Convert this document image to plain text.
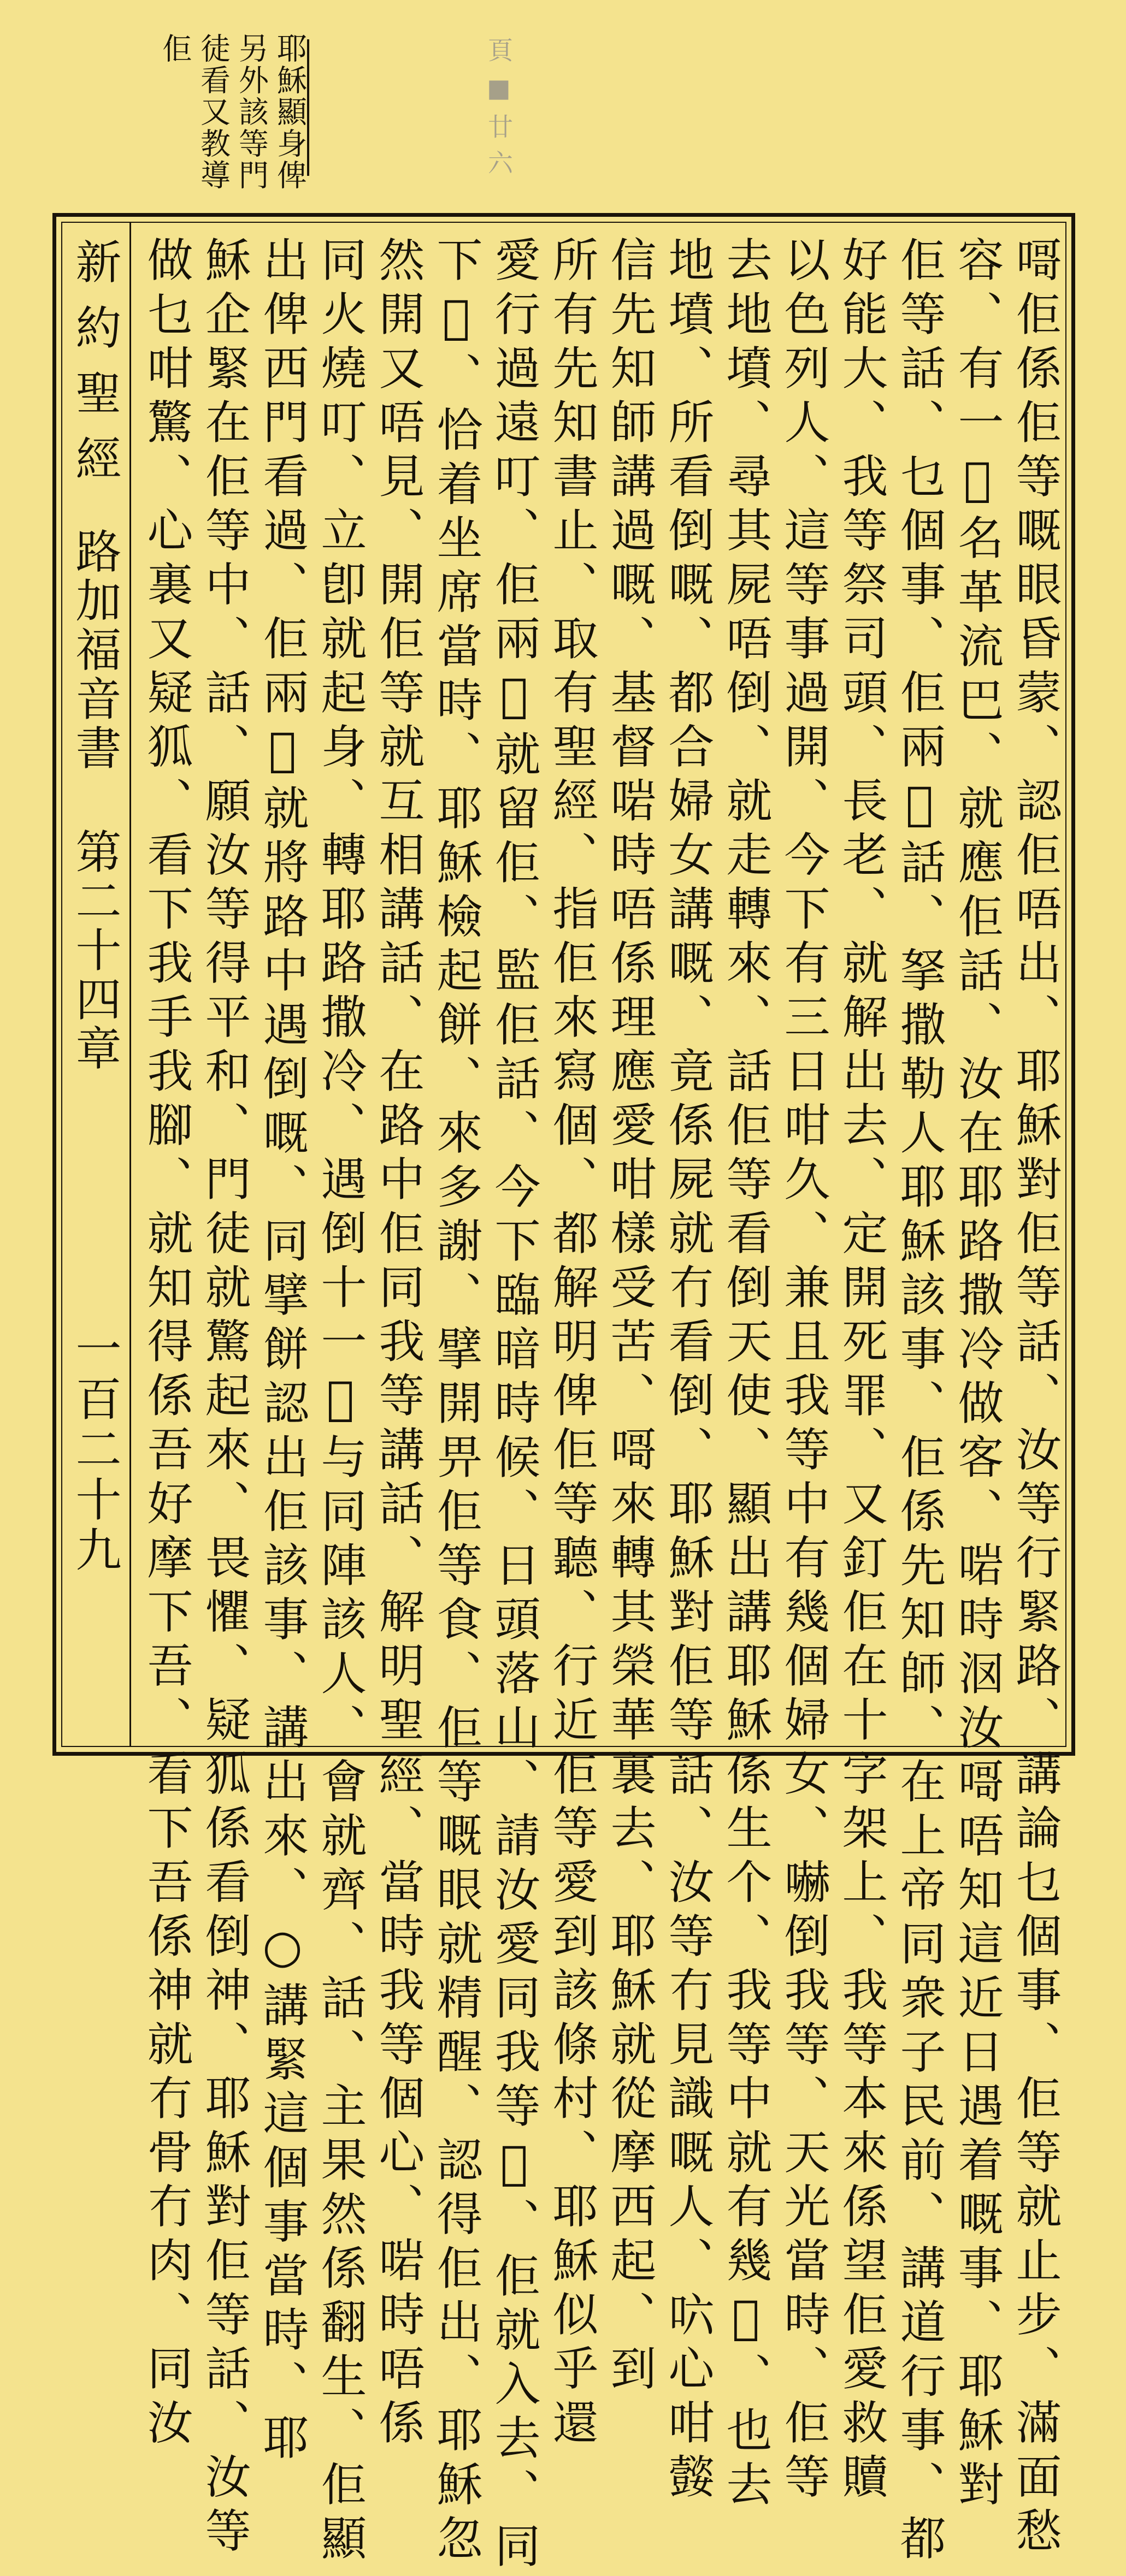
耶穌顯身俾
另外該等門
徒看又教導
佢	頁■廿六
新約聖經
路加福音書
第二十四章
一百二十九	𠹭佢係佢等嘅眼昏蒙、認佢唔出、耶穌對佢等話、汝等行緊路、講論乜個事、佢等就止步、滿面愁
容、有一𠉲名革流巴、就應佢話、汝在耶路撒冷做客、啱時𣲷汝𠹭唔知這近日遇着嘅事、耶穌對
佢等話、乜個事、佢兩𠉲話、拏撒勒人耶穌該事、佢係先知師、在上帝同衆子民前、講道行事、都
好能大、我等祭司頭、長老、就解出去、定開死罪、又釘佢在十字架上、我等本來係望佢愛救贖
以色列人、這等事過開、今下有三日咁久、兼且我等中有幾個婦女、嚇倒我等、天光當時、佢等
去地墳、尋其屍唔倒、就走轉來、話佢等看倒天使、顯出講耶穌係生个、我等中就有幾𠉲、也去
地墳、所看倒嘅、都合婦女講嘅、竟係屍就冇看倒、耶穌對佢等話、汝等冇見識嘅人、𠯿心咁𡤜
信先知師講過嘅、基督啱時唔係理應愛咁樣受苦、𠹭來轉其榮華裏去、耶穌就從摩西起、到
所有先知書止、取有聖經、指佢來寫個、都解明俾佢等聽、行近佢等愛到該條村、耶穌似乎還
愛行過遠叮、佢兩𠉲就留佢、監佢話、今下臨暗時候、日頭落山、請汝愛同我等𫝀、佢就入去、同
下𫝀、恰着坐席當時、耶穌檢起餅、來多謝、擘開畀佢等食、佢等嘅眼就精醒、認得佢出、耶穌忽
然開又唔見、開佢等就互相講話、在路中佢同我等講話、解明聖經、當時我等個心、啱時唔係
同火燒叮、立卽就起身、轉耶路撒冷、遇倒十一𠉲与同陣該人、會就齊、話、主果然係翻生、佢顯
出俾西門看過、佢兩𠉲就將路中遇倒嘅、同擘餅認出佢該事、講出來、○講緊這個事當時、耶
穌企緊在佢等中、話、願汝等得平和、門徒就驚起來、畏懼、疑狐係看倒神、耶穌對佢等話、汝等
做乜咁驚、心裏又疑狐、看下我手我腳、就知得係吾好摩下吾、看下吾係神就冇骨冇肉、同汝
